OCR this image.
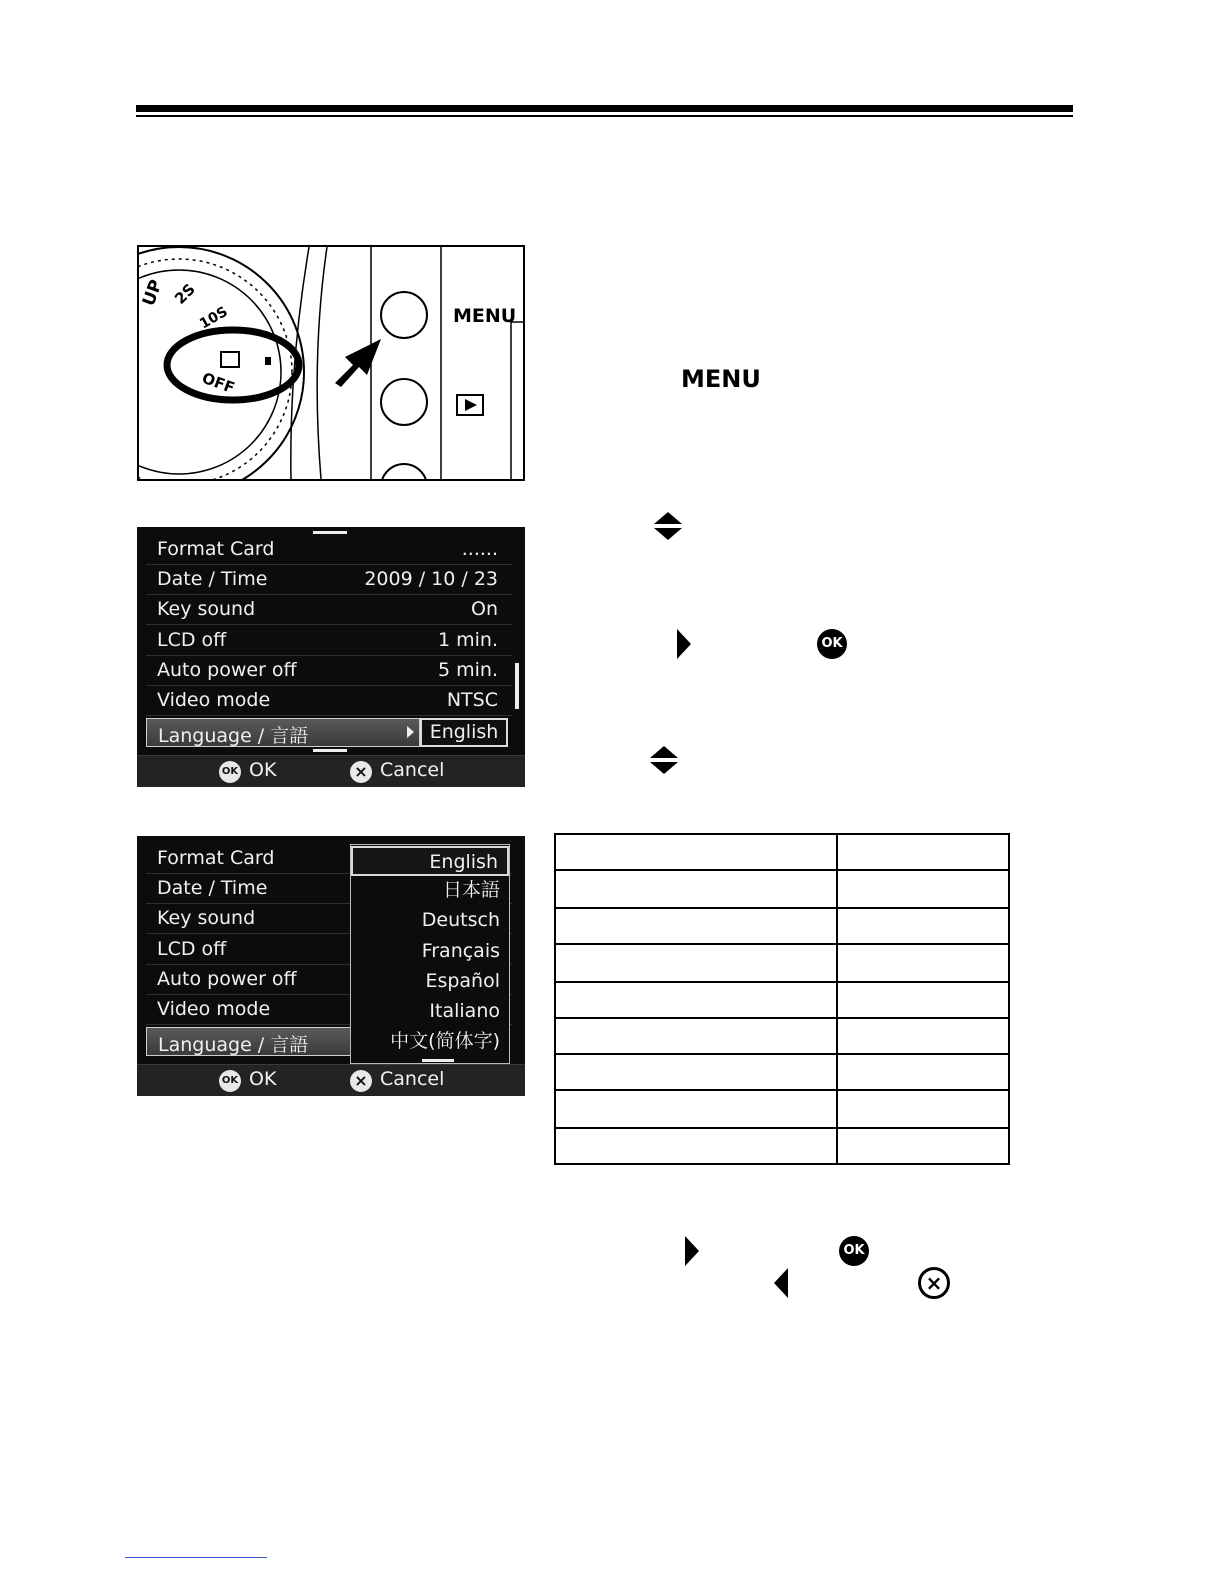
UP 2S
10S
OFF
MENU
MENU
OK
OK
×
Format Card	......
Date / Time	2009 / 10 / 23
Key sound	On
LCD off	1 min.
Auto power off	5 min.
Video mode	NTSC
Language / 言語	English
OK OK	× Cancel
Format Card
Date / Time
Key sound
LCD off
Auto power off
Video mode
Language / 言語
English
日本語
Deutsch
Français
Español
Italiano
中文(简体字)
OK OK	× Cancel
